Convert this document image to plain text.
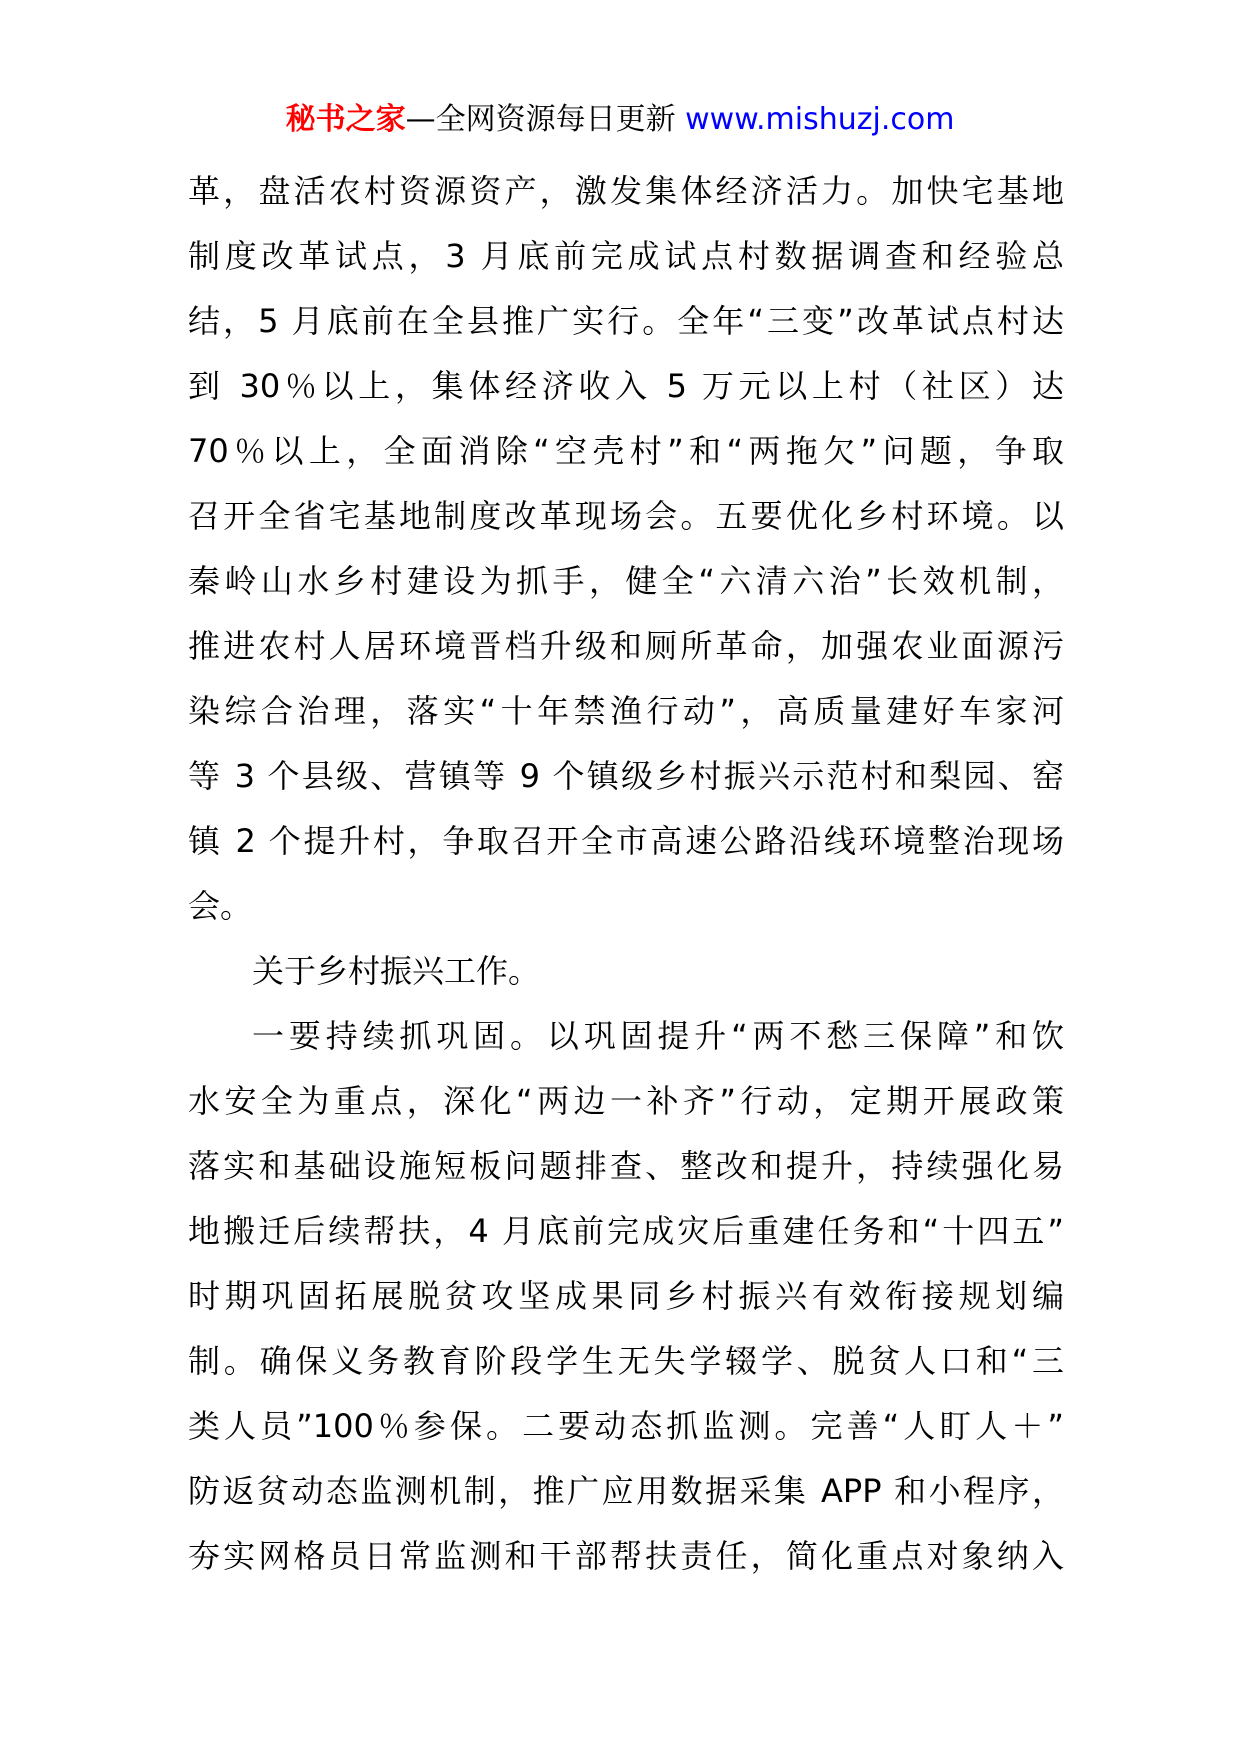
秘书之家—全网资源每日更新 www.mishuzj.com
革，盘活农村资源资产，激发集体经济活力。加快宅基地
制度改革试点，3 月底前完成试点村数据调查和经验总
结，5 月底前在全县推广实行。全年“三变”改革试点村达
到 30％以上，集体经济收入 5 万元以上村（社区）达
70％以上，全面消除“空壳村”和“两拖欠”问题，争取
召开全省宅基地制度改革现场会。五要优化乡村环境。以
秦岭山水乡村建设为抓手，健全“六清六治”长效机制，
推进农村人居环境晋档升级和厕所革命，加强农业面源污
染综合治理，落实“十年禁渔行动”，高质量建好车家河
等 3 个县级、营镇等 9 个镇级乡村振兴示范村和梨园、窑
镇 2 个提升村，争取召开全市高速公路沿线环境整治现场
会。
关于乡村振兴工作。
一要持续抓巩固。以巩固提升“两不愁三保障”和饮
水安全为重点，深化“两边一补齐”行动，定期开展政策
落实和基础设施短板问题排查、整改和提升，持续强化易
地搬迁后续帮扶，4 月底前完成灾后重建任务和“十四五”
时期巩固拓展脱贫攻坚成果同乡村振兴有效衔接规划编
制。确保义务教育阶段学生无失学辍学、脱贫人口和“三
类人员”100％参保。二要动态抓监测。完善“人盯人＋”
防返贫动态监测机制，推广应用数据采集 APP 和小程序，
夯实网格员日常监测和干部帮扶责任，简化重点对象纳入
